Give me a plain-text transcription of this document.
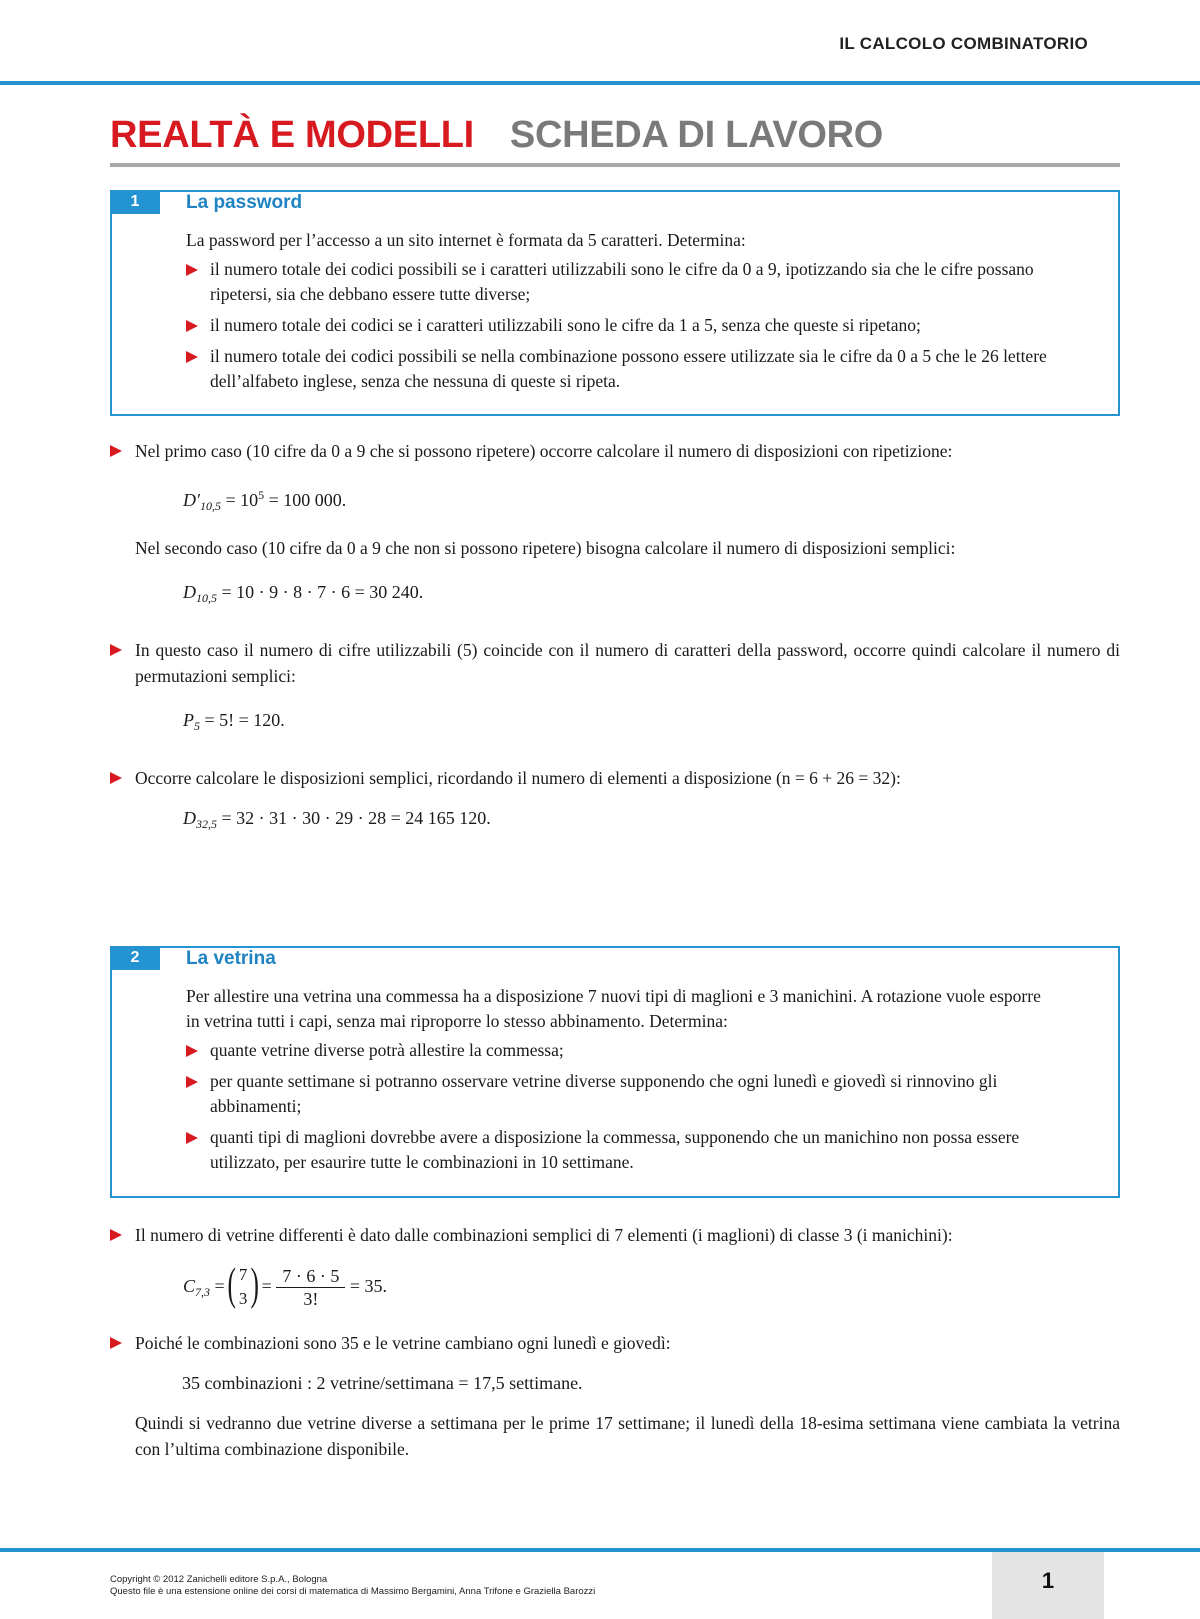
IL CALCOLO COMBINATORIO
REALTÀ E MODELLI SCHEDA DI LAVORO
1	La password

La password per l’accesso a un sito internet è formata da 5 caratteri. Determina:

il numero totale dei codici possibili se i caratteri utilizzabili sono le cifre da 0 a 9, ipotizzando sia che le cifre possano ripetersi, sia che debbano essere tutte diverse;
il numero totale dei codici se i caratteri utilizzabili sono le cifre da 1 a 5, senza che queste si ripetano;
il numero totale dei codici possibili se nella combinazione possono essere utilizzate sia le cifre da 0 a 5 che le 26 lettere dell’alfabeto inglese, senza che nessuna di queste si ripeta.
Nel primo caso (10 cifre da 0 a 9 che si possono ripetere) occorre calcolare il numero di disposizioni con ripetizione:
$D'_{10,5} = 10^5 = 100$ 000.
Nel secondo caso (10 cifre da 0 a 9 che non si possono ripetere) bisogna calcolare il numero di disposizioni semplici:
$D_{10,5} = 10 \cdot 9 \cdot 8 \cdot 7 \cdot 6 = 30$ 240.
In questo caso il numero di cifre utilizzabili (5) coincide con il numero di caratteri della password, occorre quindi calcolare il numero di permutazioni semplici:
$P_5 = 5$! = 120.
Occorre calcolare le disposizioni semplici, ricordando il numero di elementi a disposizione (n = 6 + 26 = 32):
$D_{32,5} = 32 \cdot 31 \cdot 30 \cdot 29 \cdot 28 = 24$ 165 120.
2	La vetrina

Per allestire una vetrina una commessa ha a disposizione 7 nuovi tipi di maglioni e 3 manichini. A rotazione vuole esporre in vetrina tutti i capi, senza mai riproporre lo stesso abbinamento. Determina:

quante vetrine diverse potrà allestire la commessa;
per quante settimane si potranno osservare vetrine diverse supponendo che ogni lunedì e giovedì si rinnovino gli abbinamenti;
quanti tipi di maglioni dovrebbe avere a disposizione la commessa, supponendo che un manichino non possa essere utilizzato, per esaurire tutte le combinazioni in 10 settimane.
Il numero di vetrine differenti è dato dalle combinazioni semplici di 7 elementi (i maglioni) di classe 3 (i manichini):
$C_{7,3}$ =
( 7
3 ) = $\frac{7 \cdot 6 \cdot 5}{3!} = 35$.
Poiché le combinazioni sono 35 e le vetrine cambiano ogni lunedì e giovedì:
35 combinazioni : 2 vetrine/settimana = 17,5 settimane.
Quindi si vedranno due vetrine diverse a settimana per le prime 17 settimane; il lunedì della 18-esima settimana viene cambiata la vetrina con l’ultima combinazione disponibile.
Copyright © 2012 Zanichelli editore S.p.A., Bologna
Questo file è una estensione online dei corsi di matematica di Massimo Bergamini, Anna Trifone e Graziella Barozzi	1
